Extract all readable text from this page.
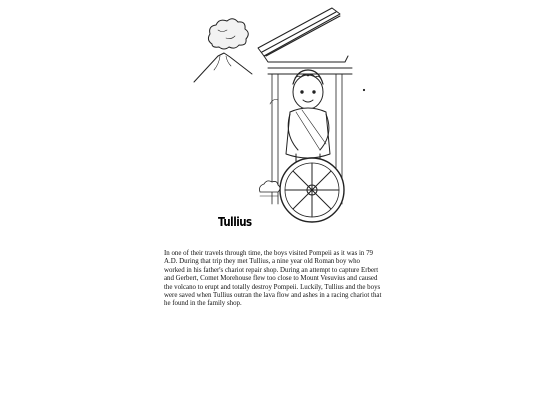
Tullius

In one of their travels through time, the boys visited Pompeii as it was in 79 A.D. During that trip they met Tullius, a nine year old Roman boy who worked in his father's chariot repair shop. During an attempt to capture Erbert and Gerbert, Comet Morehouse flew too close to Mount Vesuvius and caused the volcano to erupt and totally destroy Pompeii. Luckily, Tullius and the boys were saved when Tullius outran the lava flow and ashes in a racing chariot that he found in the family shop.
